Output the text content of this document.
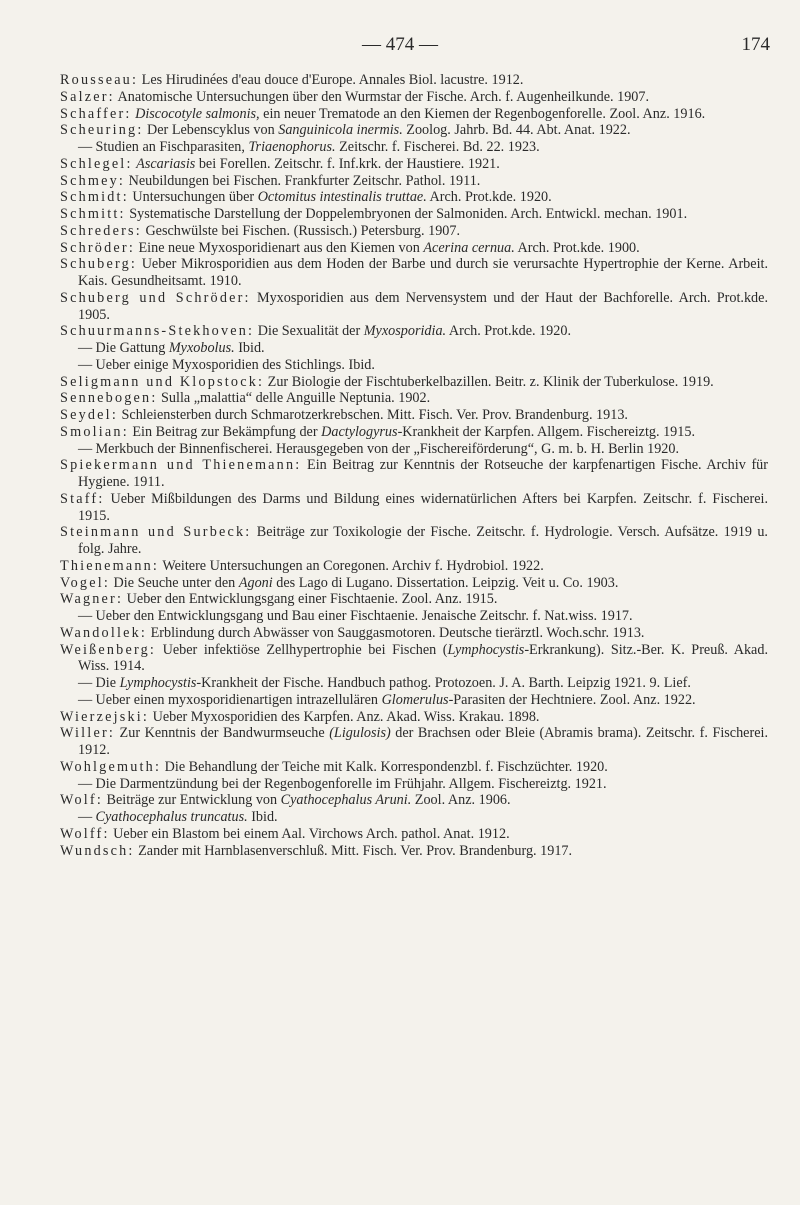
— 474 —	174
Rousseau: Les Hirudinées d'eau douce d'Europe. Annales Biol. lacustre. 1912.
Salzer: Anatomische Untersuchungen über den Wurmstar der Fische. Arch. f. Augenheilkunde. 1907.
Schaffer: Discocotyle salmonis, ein neuer Trematode an den Kiemen der Regenbogenforelle. Zool. Anz. 1916.
Scheuring: Der Lebenscyklus von Sanguinicola inermis. Zoolog. Jahrb. Bd. 44. Abt. Anat. 1922.
— Studien an Fischparasiten, Triaenophorus. Zeitschr. f. Fischerei. Bd. 22. 1923.
Schlegel: Ascariasis bei Forellen. Zeitschr. f. Inf.krk. der Haustiere. 1921.
Schmey: Neubildungen bei Fischen. Frankfurter Zeitschr. Pathol. 1911.
Schmidt: Untersuchungen über Octomitus intestinalis truttae. Arch. Prot.kde. 1920.
Schmitt: Systematische Darstellung der Doppelembryonen der Salmoniden. Arch. Entwickl. mechan. 1901.
Schreders: Geschwülste bei Fischen. (Russisch.) Petersburg. 1907.
Schröder: Eine neue Myxosporidienart aus den Kiemen von Acerina cernua. Arch. Prot.kde. 1900.
Schuberg: Ueber Mikrosporidien aus dem Hoden der Barbe und durch sie verursachte Hypertrophie der Kerne. Arbeit. Kais. Gesundheitsamt. 1910.
Schuberg und Schröder: Myxosporidien aus dem Nervensystem und der Haut der Bachforelle. Arch. Prot.kde. 1905.
Schuurmanns-Stekhoven: Die Sexualität der Myxosporidia. Arch. Prot.kde. 1920.
— Die Gattung Myxobolus. Ibid.
— Ueber einige Myxosporidien des Stichlings. Ibid.
Seligmann und Klopstock: Zur Biologie der Fischtuberkelbazillen. Beitr. z. Klinik der Tuberkulose. 1919.
Sennebogen: Sulla „malattia“ delle Anguille Neptunia. 1902.
Seydel: Schleiensterben durch Schmarotzerkrebschen. Mitt. Fisch. Ver. Prov. Brandenburg. 1913.
Smolian: Ein Beitrag zur Bekämpfung der Dactylogyrus-Krankheit der Karpfen. Allgem. Fischereiztg. 1915.
— Merkbuch der Binnenfischerei. Herausgegeben von der „Fischereiförderung“, G. m. b. H. Berlin 1920.
Spiekermann und Thienemann: Ein Beitrag zur Kenntnis der Rotseuche der karpfenartigen Fische. Archiv für Hygiene. 1911.
Staff: Ueber Mißbildungen des Darms und Bildung eines widernatürlichen Afters bei Karpfen. Zeitschr. f. Fischerei. 1915.
Steinmann und Surbeck: Beiträge zur Toxikologie der Fische. Zeitschr. f. Hydrologie. Versch. Aufsätze. 1919 u. folg. Jahre.
Thienemann: Weitere Untersuchungen an Coregonen. Archiv f. Hydrobiol. 1922.
Vogel: Die Seuche unter den Agoni des Lago di Lugano. Dissertation. Leipzig. Veit u. Co. 1903.
Wagner: Ueber den Entwicklungsgang einer Fischtaenie. Zool. Anz. 1915.
— Ueber den Entwicklungsgang und Bau einer Fischtaenie. Jenaische Zeitschr. f. Nat.wiss. 1917.
Wandollek: Erblindung durch Abwässer von Sauggasmotoren. Deutsche tierärztl. Woch.schr. 1913.
Weißenberg: Ueber infektiöse Zellhypertrophie bei Fischen (Lymphocystis-Erkrankung). Sitz.-Ber. K. Preuß. Akad. Wiss. 1914.
— Die Lymphocystis-Krankheit der Fische. Handbuch pathog. Protozoen. J. A. Barth. Leipzig 1921. 9. Lief.
— Ueber einen myxosporidienartigen intrazellulären Glomerulus-Parasiten der Hechtniere. Zool. Anz. 1922.
Wierzejski: Ueber Myxosporidien des Karpfen. Anz. Akad. Wiss. Krakau. 1898.
Willer: Zur Kenntnis der Bandwurmseuche (Ligulosis) der Brachsen oder Bleie (Abramis brama). Zeitschr. f. Fischerei. 1912.
Wohlgemuth: Die Behandlung der Teiche mit Kalk. Korrespondenzbl. f. Fischzüchter. 1920.
— Die Darmentzündung bei der Regenbogenforelle im Frühjahr. Allgem. Fischereiztg. 1921.
Wolf: Beiträge zur Entwicklung von Cyathocephalus Aruni. Zool. Anz. 1906.
— Cyathocephalus truncatus. Ibid.
Wolff: Ueber ein Blastom bei einem Aal. Virchows Arch. pathol. Anat. 1912.
Wundsch: Zander mit Harnblasenverschluß. Mitt. Fisch. Ver. Prov. Brandenburg. 1917.
